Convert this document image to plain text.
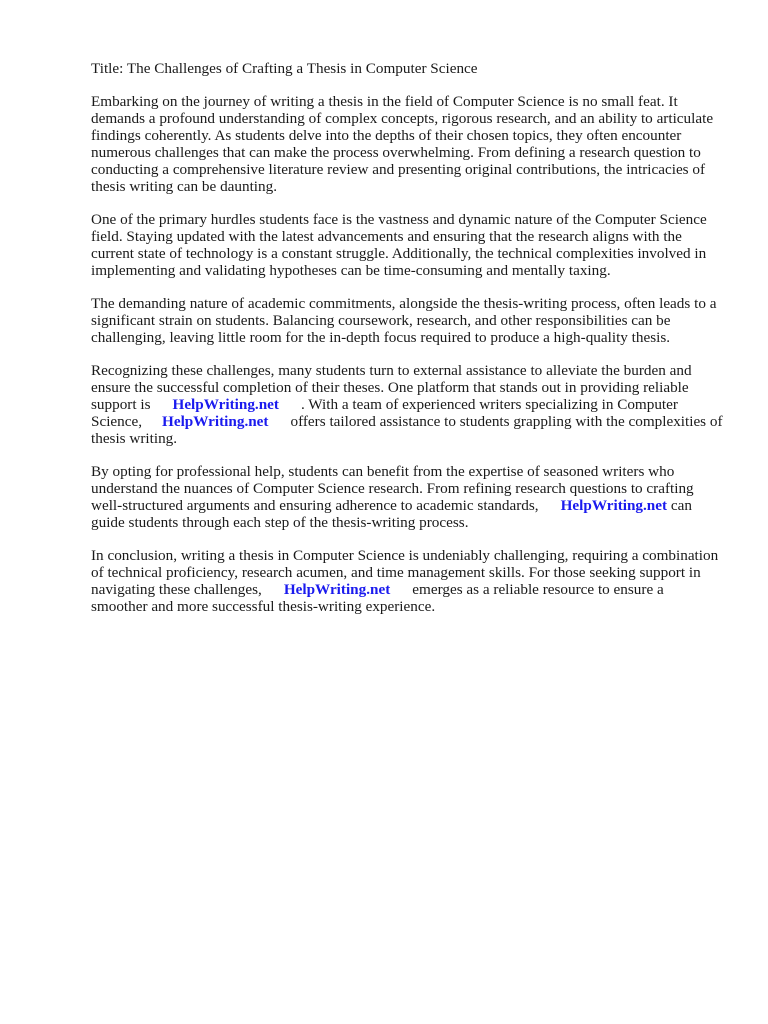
Title: The Challenges of Crafting a Thesis in Computer Science

Embarking on the journey of writing a thesis in the field of Computer Science is no small feat. It demands a profound understanding of complex concepts, rigorous research, and an ability to articulate findings coherently. As students delve into the depths of their chosen topics, they often encounter numerous challenges that can make the process overwhelming. From defining a research question to conducting a comprehensive literature review and presenting original contributions, the intricacies of thesis writing can be daunting.

One of the primary hurdles students face is the vastness and dynamic nature of the Computer Science field. Staying updated with the latest advancements and ensuring that the research aligns with the current state of technology is a constant struggle. Additionally, the technical complexities involved in implementing and validating hypotheses can be time-consuming and mentally taxing.

The demanding nature of academic commitments, alongside the thesis-writing process, often leads to a significant strain on students. Balancing coursework, research, and other responsibilities can be challenging, leaving little room for the in-depth focus required to produce a high-quality thesis.

Recognizing these challenges, many students turn to external assistance to alleviate the burden and ensure the successful completion of their theses. One platform that stands out in providing reliable support is HelpWriting.net . With a team of experienced writers specializing in Computer Science, HelpWriting.net offers tailored assistance to students grappling with the complexities of thesis writing.

By opting for professional help, students can benefit from the expertise of seasoned writers who understand the nuances of Computer Science research. From refining research questions to crafting well-structured arguments and ensuring adherence to academic standards, HelpWriting.net can guide students through each step of the thesis-writing process.

In conclusion, writing a thesis in Computer Science is undeniably challenging, requiring a combination of technical proficiency, research acumen, and time management skills. For those seeking support in navigating these challenges, HelpWriting.net emerges as a reliable resource to ensure a smoother and more successful thesis-writing experience.
